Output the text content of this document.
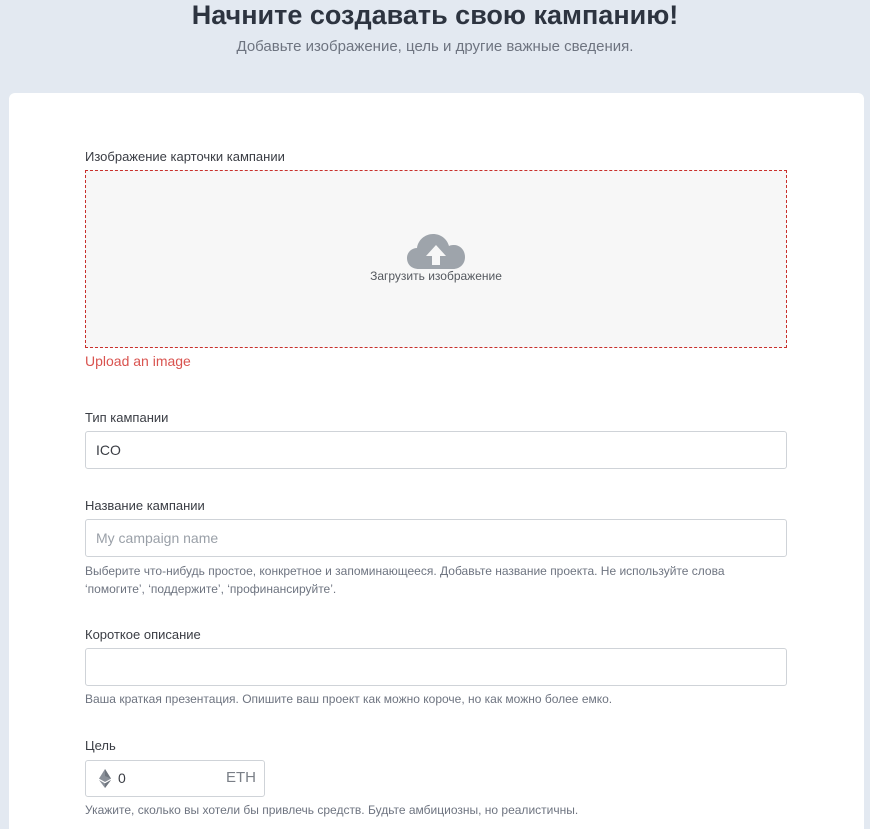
Начните создавать свою кампанию!
Добавьте изображение, цель и другие важные сведения.
Изображение карточки кампании
Загрузить изображение
Upload an image
Тип кампании
ICO
Название кампании
My campaign name
Выберите что-нибудь простое, конкретное и запоминающееся. Добавьте название проекта. Не используйте слова ‘помогите’, ‘поддержите’, ‘профинансируйте’.
Короткое описание
Ваша краткая презентация. Опишите ваш проект как можно короче, но как можно более емко.
Цель
0	ETH
Укажите, сколько вы хотели бы привлечь средств. Будьте амбициозны, но реалистичны.
